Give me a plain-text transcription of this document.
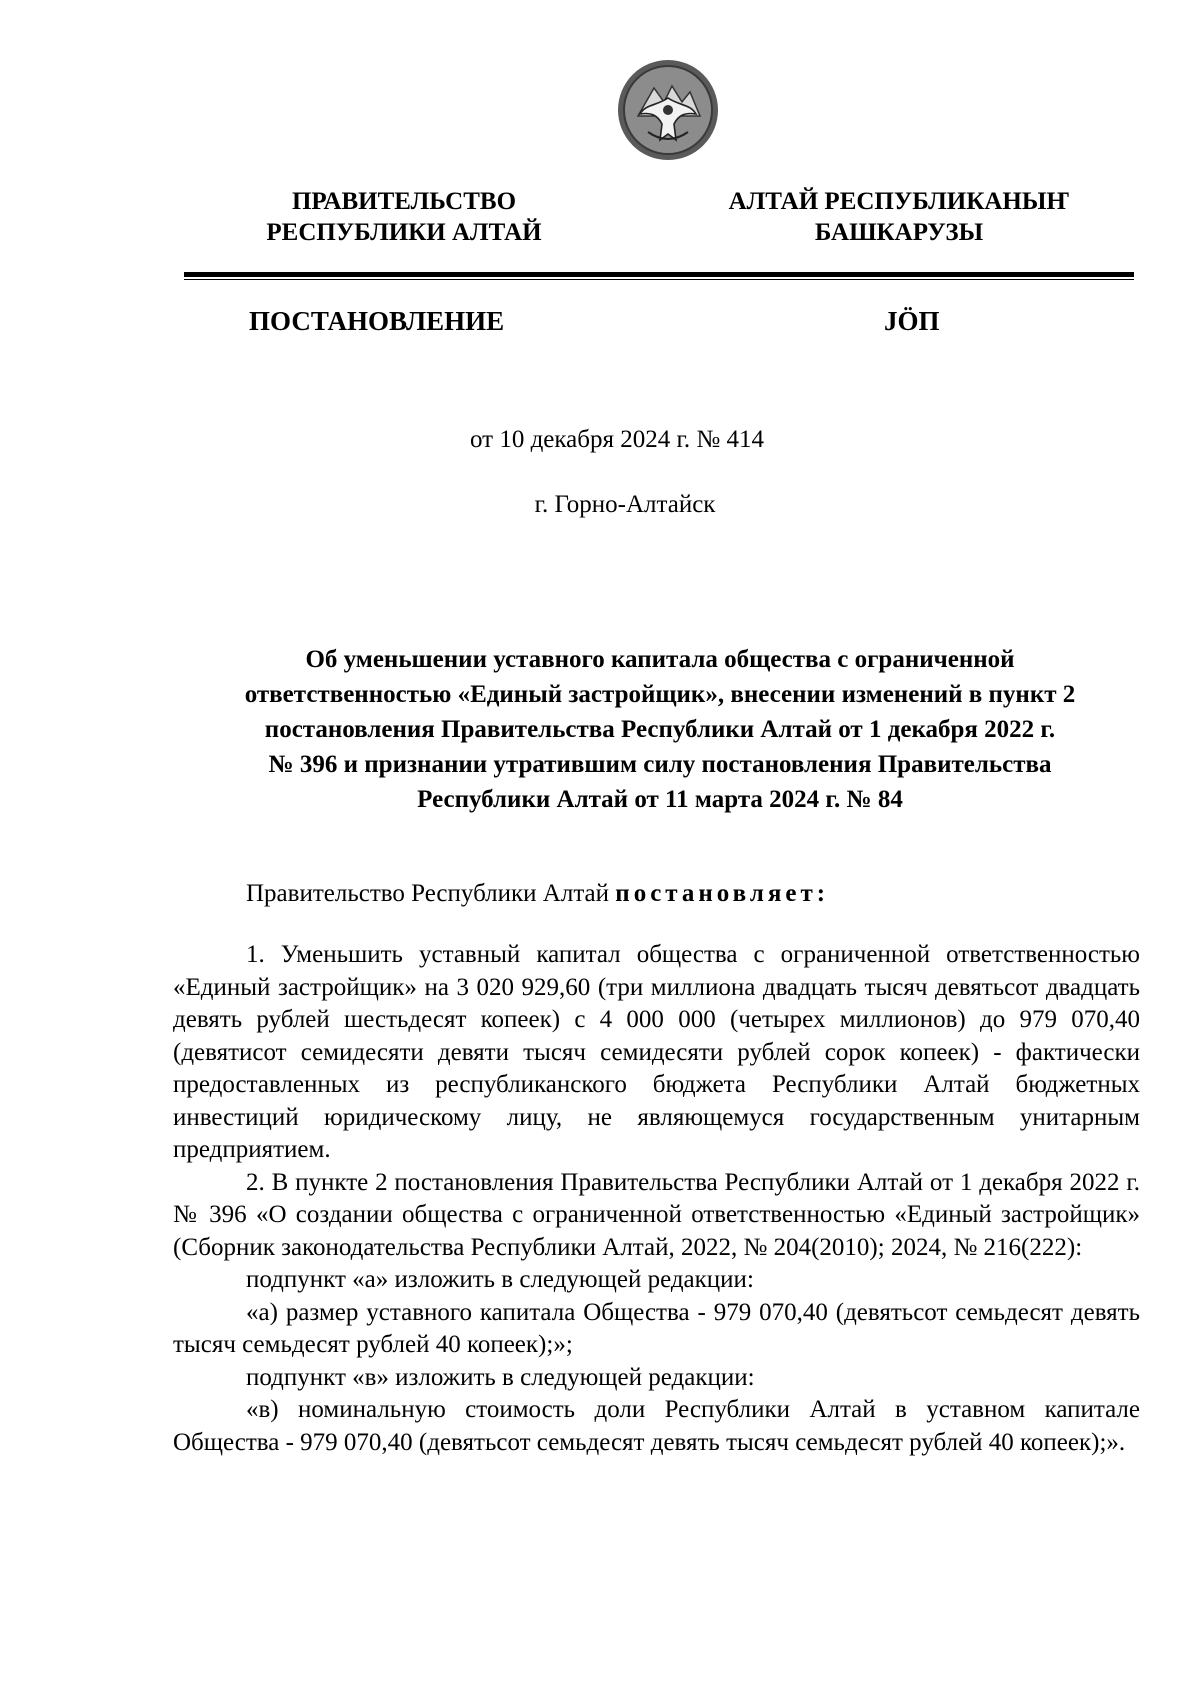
ПРАВИТЕЛЬСТВО

РЕСПУБЛИКИ АЛТАЙ

АЛТАЙ РЕСПУБЛИКАНЫҤ

БАШКАРУЗЫ

ПОСТАНОВЛЕНИЕ	JÖП

от 10 декабря 2024 г. № 414

г. Горно-Алтайск

Об уменьшении уставного капитала общества с ограниченной
ответственностью «Единый застройщик», внесении изменений в пункт 2
постановления Правительства Республики Алтай от 1 декабря 2022 г.
№ 396 и признании утратившим силу постановления Правительства
Республики Алтай от 11 марта 2024 г. № 84

Правительство Республики Алтай постановляет:

1. Уменьшить уставный капитал общества с ограниченной ответственностью «Единый застройщик» на 3 020 929,60 (три миллиона двадцать тысяч девятьсот двадцать девять рублей шестьдесят копеек) с 4 000 000 (четырех миллионов) до 979 070,40 (девятисот семидесяти девяти тысяч семидесяти рублей сорок копеек) - фактически предоставленных из республиканского бюджета Республики Алтай бюджетных инвестиций юридическому лицу, не являющемуся государственным унитарным предприятием.

2. В пункте 2 постановления Правительства Республики Алтай от 1 декабря 2022 г. № 396 «О создании общества с ограниченной ответственностью «Единый застройщик» (Сборник законодательства Республики Алтай, 2022, № 204(2010); 2024, № 216(222):

подпункт «а» изложить в следующей редакции:

«а) размер уставного капитала Общества - 979 070,40 (девятьсот семьдесят девять тысяч семьдесят рублей 40 копеек);»;

подпункт «в» изложить в следующей редакции:

«в) номинальную стоимость доли Республики Алтай в уставном капитале Общества - 979 070,40 (девятьсот семьдесят девять тысяч семьдесят рублей 40 копеек);».
